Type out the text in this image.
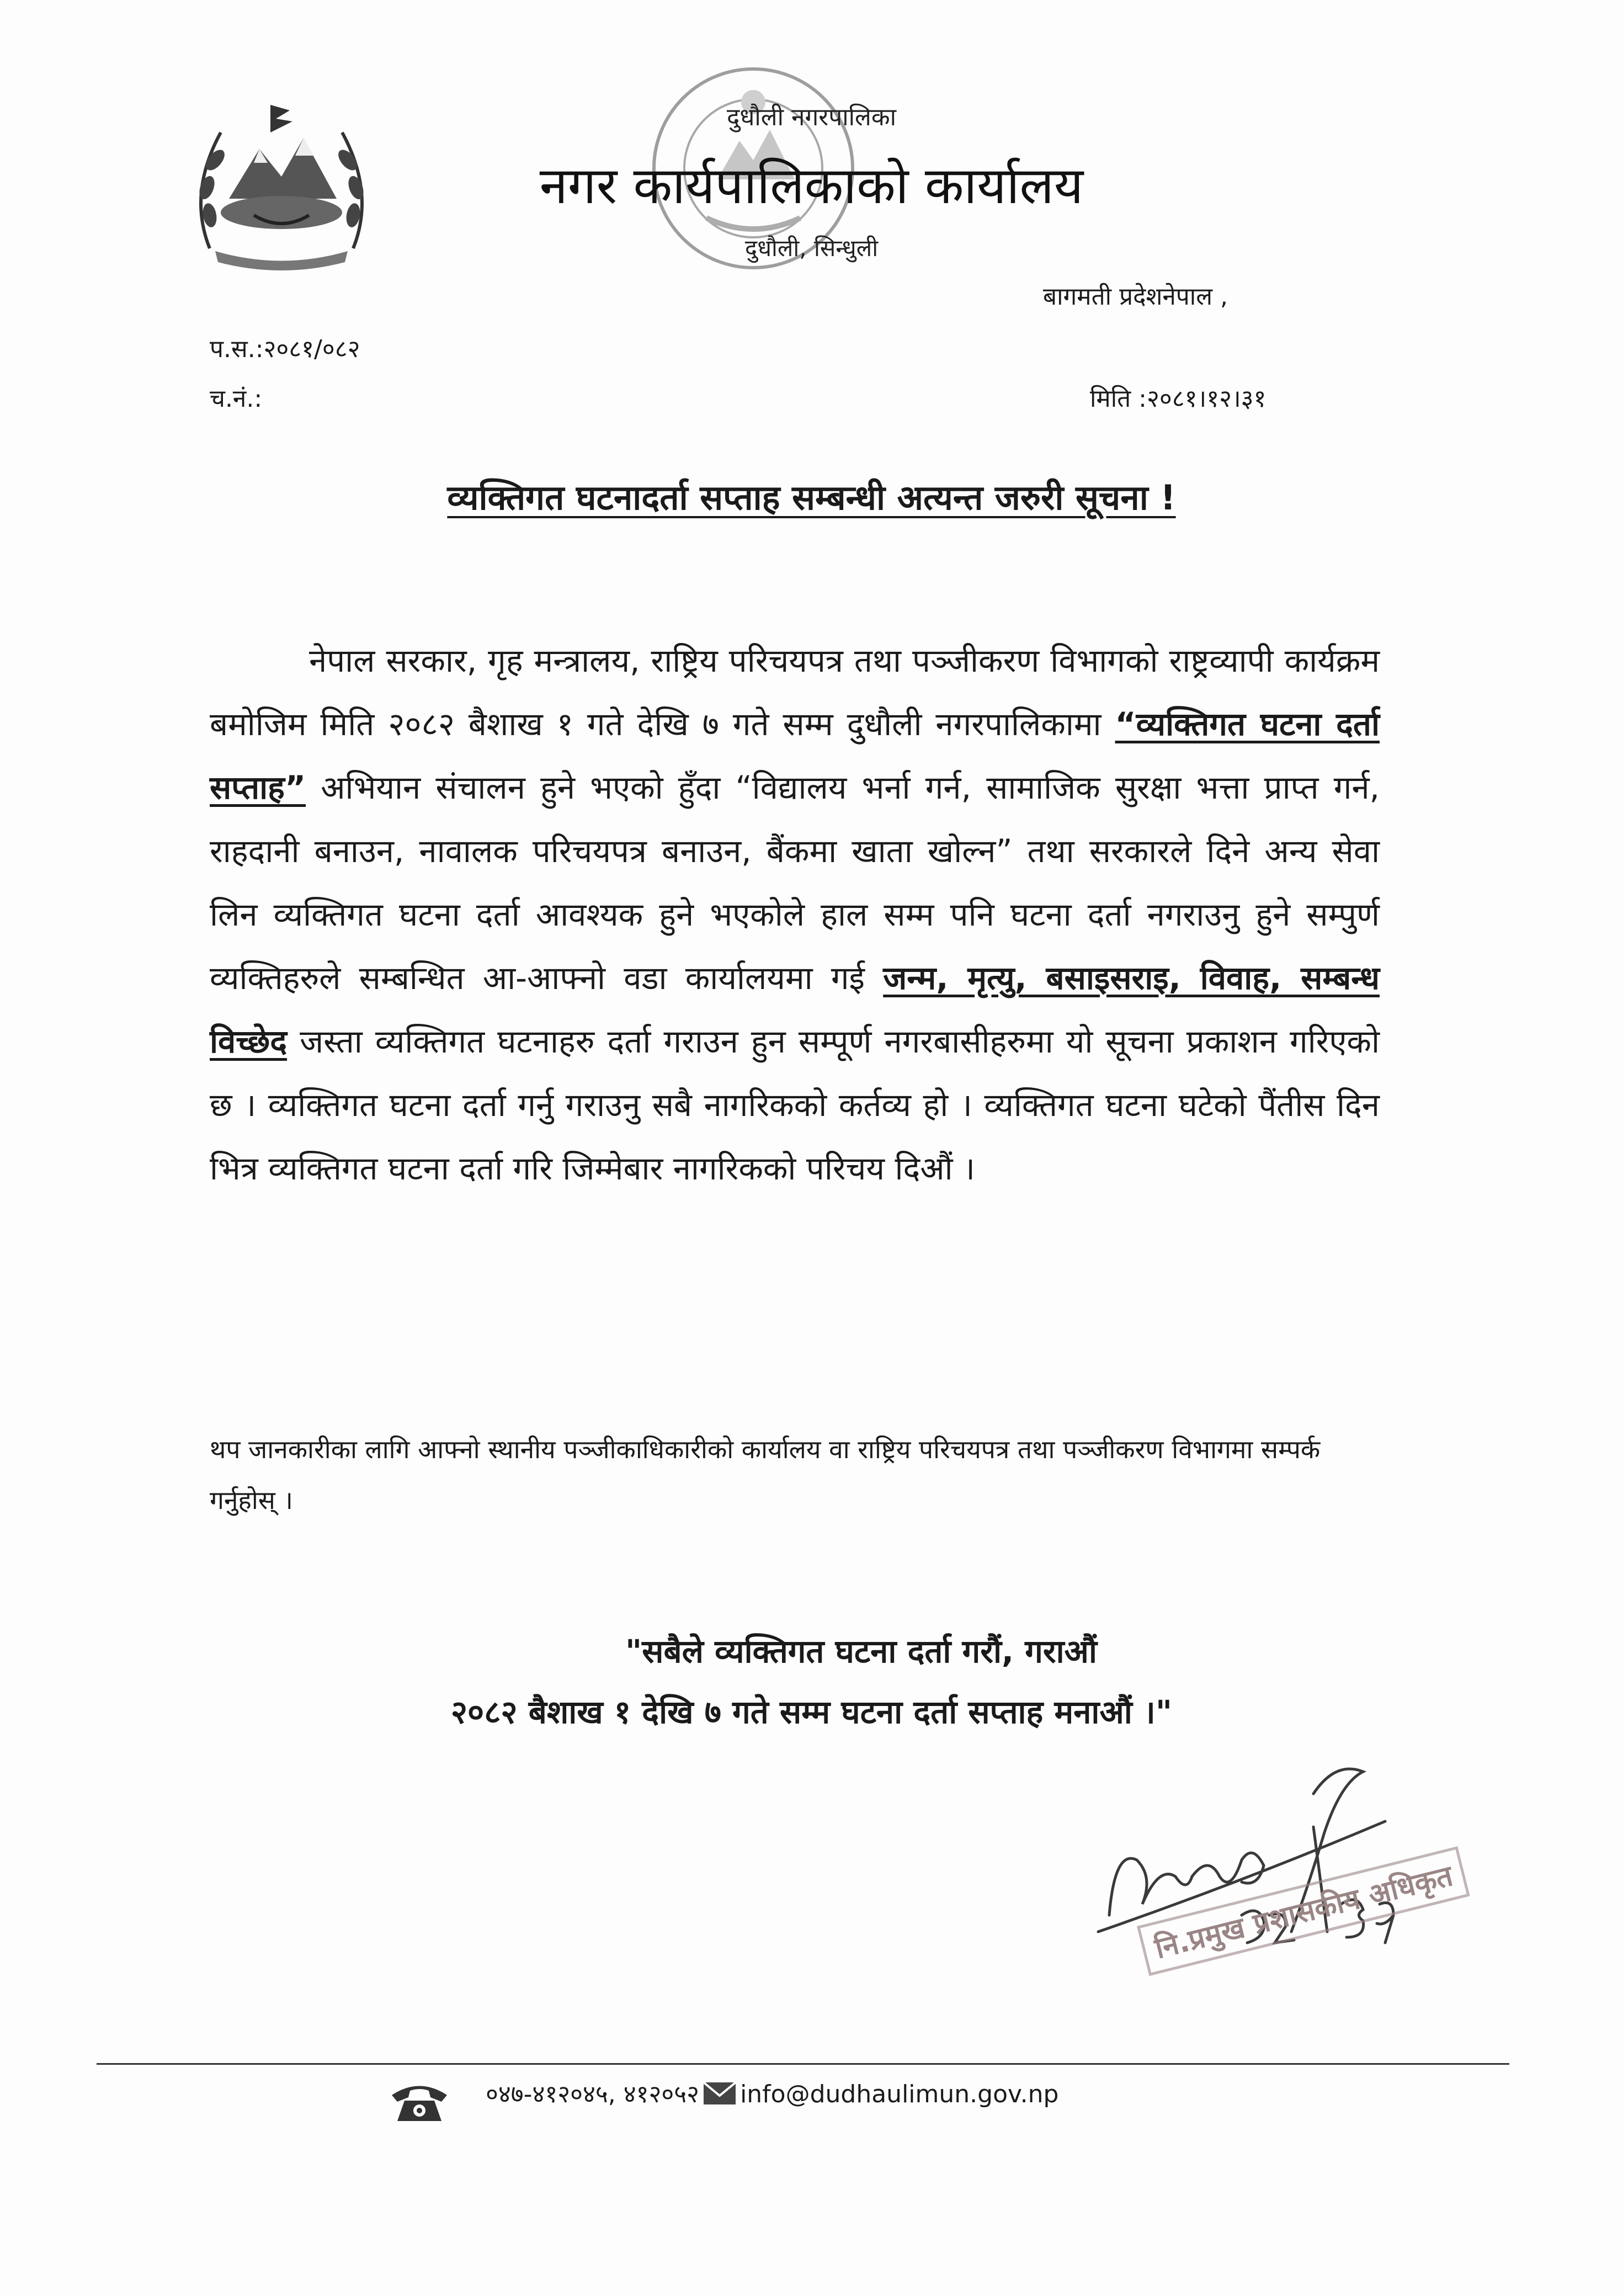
दुधौली नगरपालिका
नगर कार्यपालिकाको कार्यालय
दुधौली, सिन्धुली
बागमती प्रदेशनेपाल ,
प.स.:२०८१/०८२
च.नं.:	मिति :२०८१।१२।३१
व्यक्तिगत घटनादर्ता सप्ताह सम्बन्धी अत्यन्त जरुरी सूचना !
नेपाल सरकार, गृह मन्त्रालय, राष्ट्रिय परिचयपत्र तथा पञ्जीकरण विभागको राष्ट्रव्यापी कार्यक्रम बमोजिम मिति २०८२ बैशाख १ गते देखि ७ गते सम्म दुधौली नगरपालिकामा “व्यक्तिगत घटना दर्ता सप्ताह” अभियान संचालन हुने भएको हुँदा “विद्यालय भर्ना गर्न, सामाजिक सुरक्षा भत्ता प्राप्त गर्न, राहदानी बनाउन, नावालक परिचयपत्र बनाउन, बैंकमा खाता खोल्न” तथा सरकारले दिने अन्य सेवा लिन व्यक्तिगत घटना दर्ता आवश्यक हुने भएकोले हाल सम्म पनि घटना दर्ता नगराउनु हुने सम्पुर्ण व्यक्तिहरुले सम्बन्धित आ-आफ्नो वडा कार्यालयमा गई जन्म, मृत्यु, बसाइसराइ, विवाह, सम्बन्ध विच्छेद जस्ता व्यक्तिगत घटनाहरु दर्ता गराउन हुन सम्पूर्ण नगरबासीहरुमा यो सूचना प्रकाशन गरिएको छ । व्यक्तिगत घटना दर्ता गर्नु गराउनु सबै नागरिकको कर्तव्य हो । व्यक्तिगत घटना घटेको पैंतीस दिन भित्र व्यक्तिगत घटना दर्ता गरि जिम्मेबार नागरिकको परिचय दिऔं ।
थप जानकारीका लागि आफ्नो स्थानीय पञ्जीकाधिकारीको कार्यालय वा राष्ट्रिय परिचयपत्र तथा पञ्जीकरण विभागमा सम्पर्क गर्नुहोस् ।
"सबैले व्यक्तिगत घटना दर्ता गरौं, गराऔं
२०८२ बैशाख १ देखि ७ गते सम्म घटना दर्ता सप्ताह मनाऔं ।"
नि.प्रमुख प्रशासकीय अधिकृत
०४७-४१२०४५, ४१२०५२ info@dudhaulimun.gov.np
